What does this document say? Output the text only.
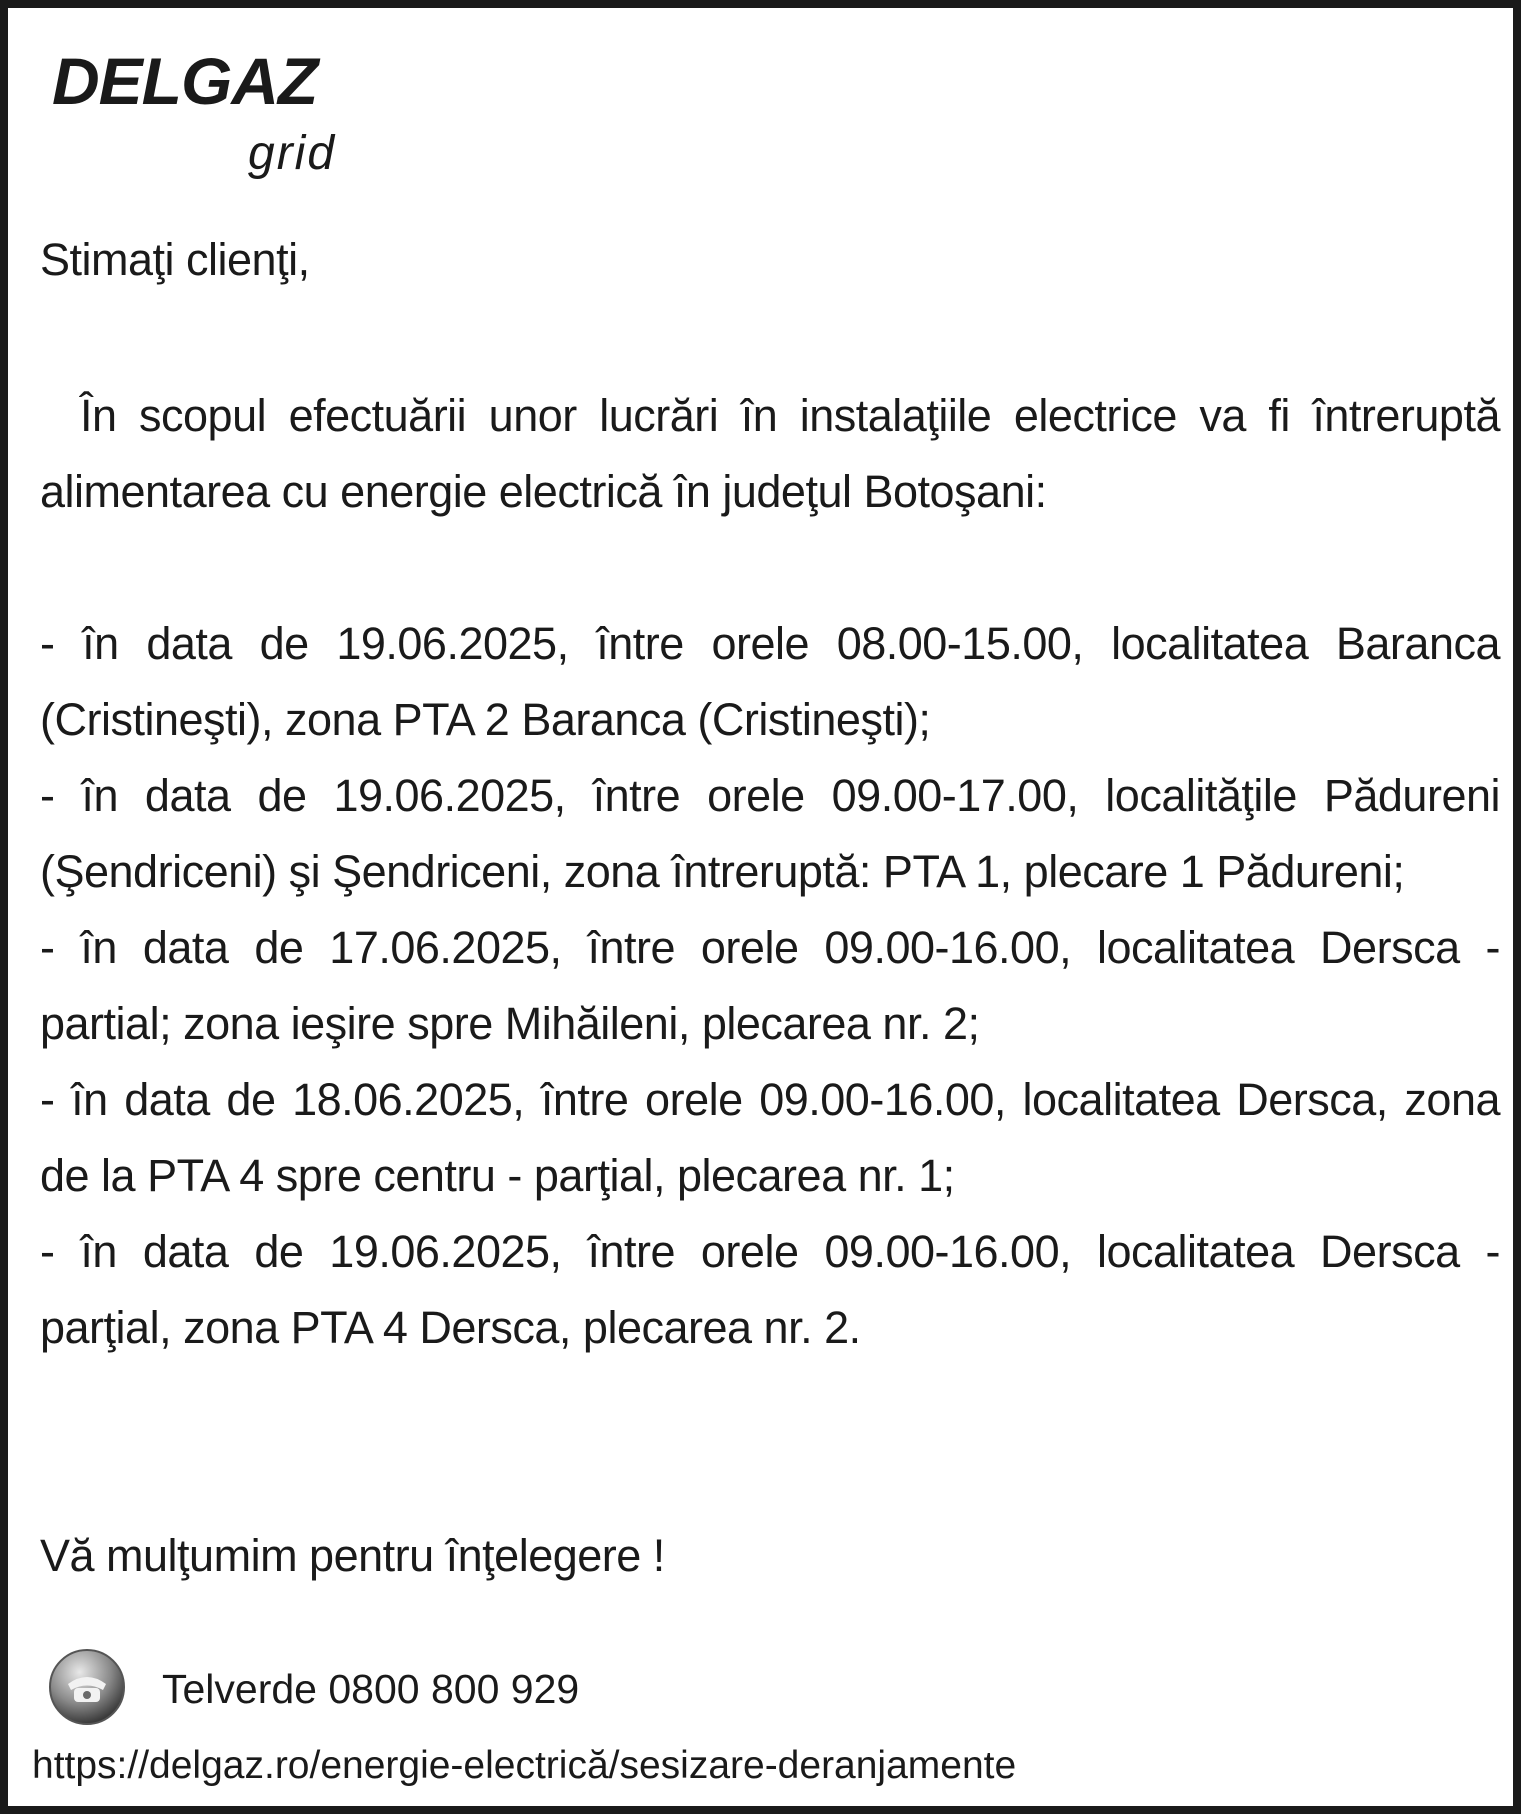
DELGAZ
grid
Stimaţi clienţi,
În scopul efectuării unor lucrări în instalaţiile electrice va fi întreruptă alimentarea cu energie electrică în judeţul Botoşani:
- în data de 19.06.2025, între orele 08.00-15.00, localitatea Baranca (Cristineşti), zona PTA 2 Baranca (Cristineşti);
- în data de 19.06.2025, între orele 09.00-17.00, localităţile Pădureni (Şendriceni) şi Şendriceni, zona întreruptă: PTA 1, plecare 1 Pădureni;
- în data de 17.06.2025, între orele 09.00-16.00, localitatea Dersca - partial; zona ieşire spre Mihăileni, plecarea nr. 2;
- în data de 18.06.2025, între orele 09.00-16.00, localitatea Dersca, zona de la PTA 4 spre centru - parţial, plecarea nr. 1;
- în data de 19.06.2025, între orele 09.00-16.00, localitatea Dersca - parţial, zona PTA 4 Dersca, plecarea nr. 2.
Vă mulţumim pentru înţelegere !
Telverde 0800 800 929
https://delgaz.ro/energie-electrică/sesizare-deranjamente
